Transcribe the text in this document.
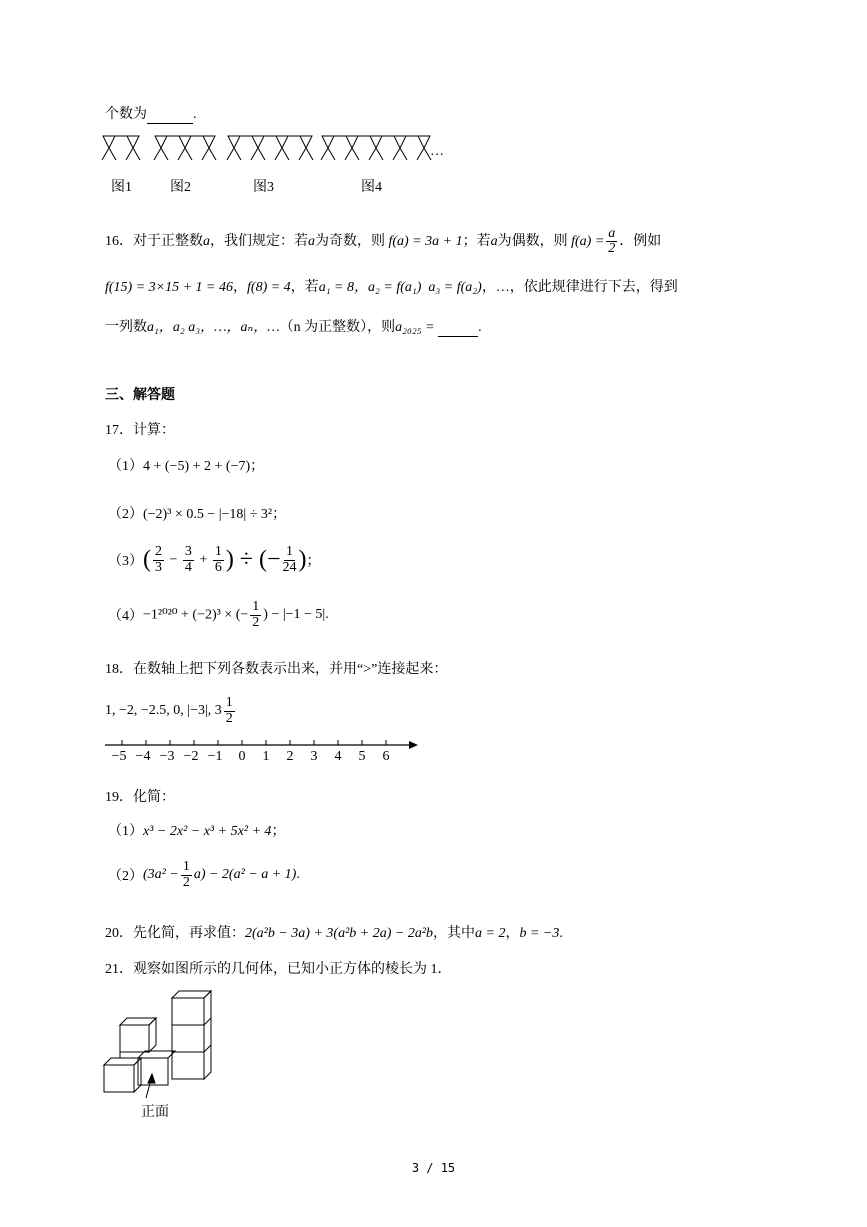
个数为	.
图1	图2	图3	图4
…
16．对于正整数a，我们规定：若a为奇数，则 f(a) = 3a + 1；若a为偶数，则 $f(a) = \frac{a}{2}$ ．例如
f(15) = 3×15 + 1 = 46，f(8) = 4，若a₁ = 8，a₂ = f(a₁) a₃ = f(a₂)，…，依此规律进行下去，得到
一列数a₁，a₂ a₃，…，aₙ，…（n 为正整数），则a₂₀₂₅ =	.
三、解答题
17．计算：
（1）4 + (−5) + 2 + (−7)；
（2）(−2)³ × 0.5 − |−18| ÷ 3²；
$(3)( \frac{2}{3} - \frac{3}{4} + \frac{1}{6}$ ) ÷ (− $\frac{1}{24}$ )；
（4）−1²⁰²⁰ + (−2)³ × (− $\frac{1}{2}$ ) − |−1 − 5|.
18．在数轴上把下列各数表示出来，并用“>”连接起来：
1, −2, −2.5, 0, |−3|, $3 \frac{1}{2}$
−5 −4 −3 −2 −1	0	1	2	3	4	5	6
19．化简：
（1）x³ − 2x² − x³ + 5x² + 4；
$(2)(3a^2 - \frac{1}{2} a) - 2(a^2 - a + 1)$.
20．先化简，再求值：2(a²b − 3a) + 3(a²b + 2a) − 2a²b，其中a = 2，b = −3.
21．观察如图所示的几何体，已知小正方体的棱长为 1．
正面
3 / 15
